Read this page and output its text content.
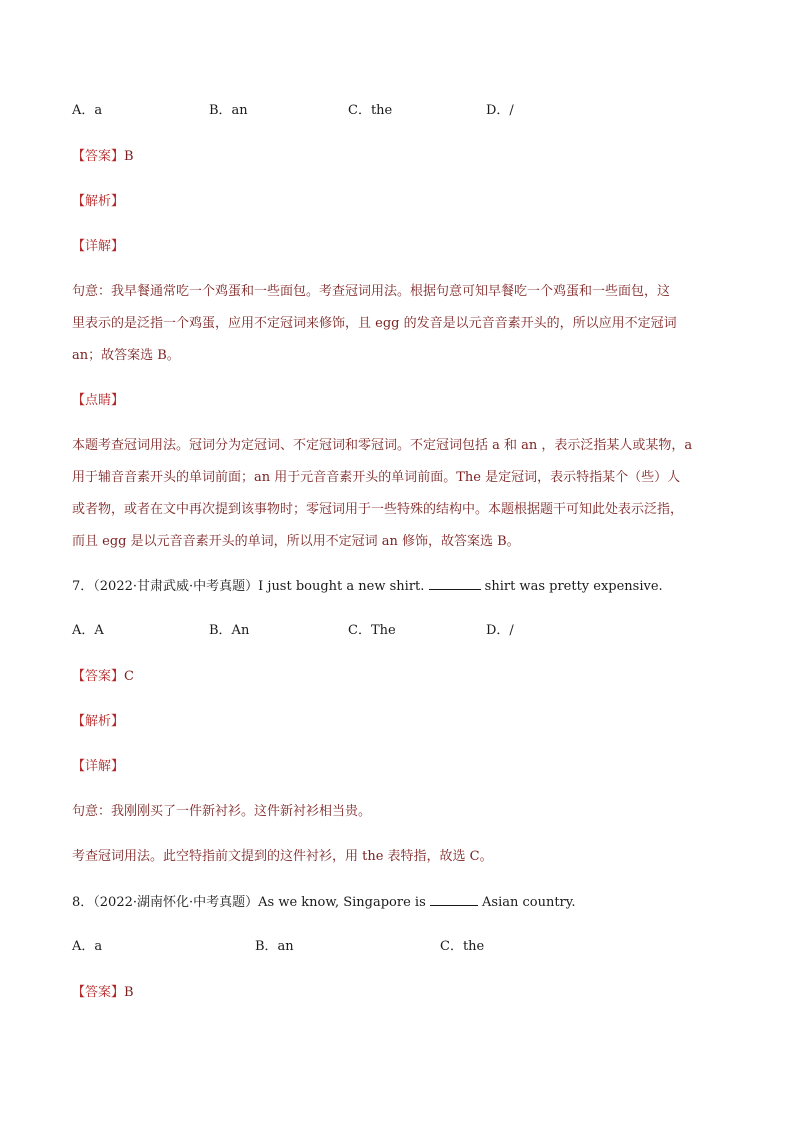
A．a	B．an	C．the	D．/
【答案】B
【解析】
【详解】
句意：我早餐通常吃一个鸡蛋和一些面包。考查冠词用法。根据句意可知早餐吃一个鸡蛋和一些面包，这
里表示的是泛指一个鸡蛋，应用不定冠词来修饰，且 egg 的发音是以元音音素开头的，所以应用不定冠词
an；故答案选 B。
【点睛】
本题考查冠词用法。冠词分为定冠词、不定冠词和零冠词。不定冠词包括 a 和 an ，表示泛指某人或某物，a
用于辅音音素开头的单词前面；an 用于元音音素开头的单词前面。The 是定冠词，表示特指某个（些）人
或者物，或者在文中再次提到该事物时；零冠词用于一些特殊的结构中。本题根据题干可知此处表示泛指，
而且 egg 是以元音音素开头的单词，所以用不定冠词 an 修饰，故答案选 B。
7．（2022·甘肃武威·中考真题）I just bought a new shirt.	shirt was pretty expensive.
A．A	B．An	C．The	D．/
【答案】C
【解析】
【详解】
句意：我刚刚买了一件新衬衫。这件新衬衫相当贵。
考查冠词用法。此空特指前文提到的这件衬衫，用 the 表特指，故选 C。
8．（2022·湖南怀化·中考真题）As we know, Singapore is	Asian country.
A．a	B．an	C．the
【答案】B
